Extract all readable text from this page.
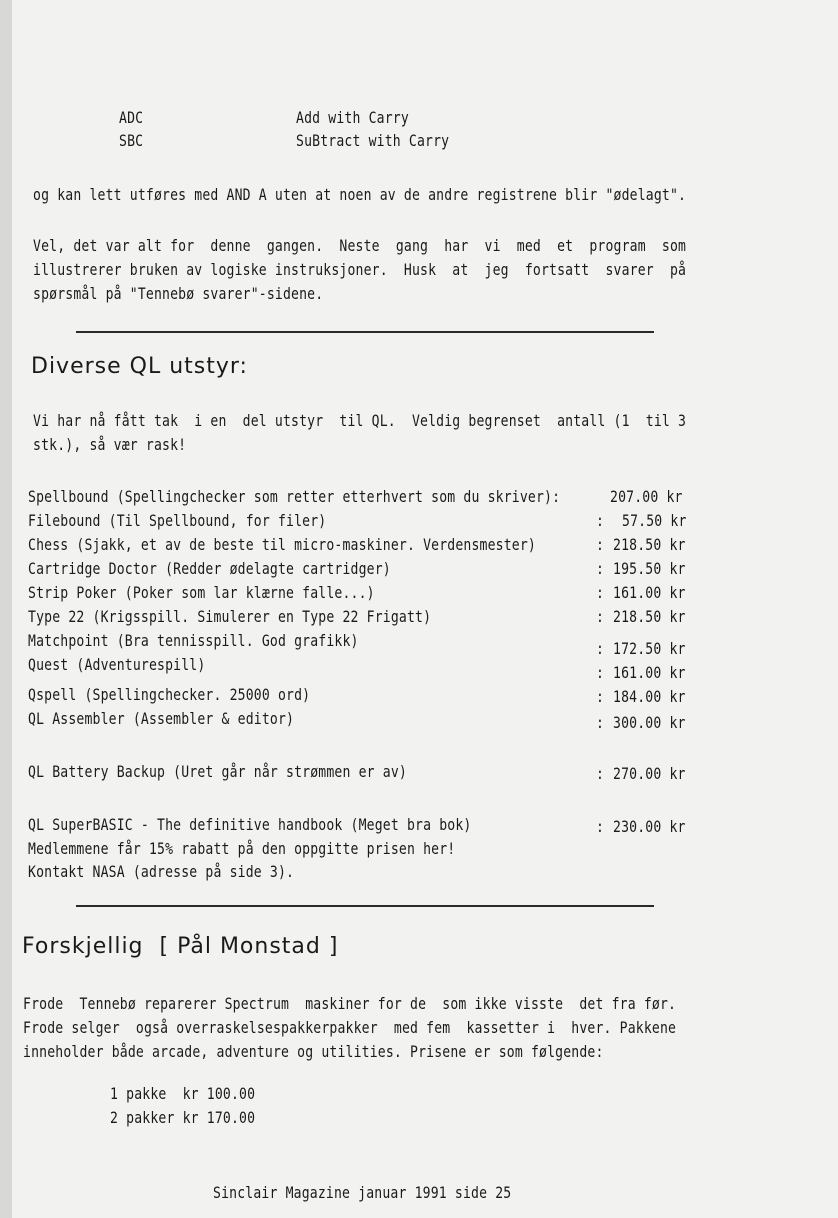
ADC	Add with Carry
SBC	SuBtract with Carry
og kan lett utføres med AND A uten at noen av de andre registrene blir "ødelagt".
Vel, det var alt for  denne  gangen.  Neste  gang  har  vi  med  et  program  som
illustrerer bruken av logiske instruksjoner.  Husk  at  jeg  fortsatt  svarer  på
spørsmål på "Tennebø svarer"-sidene.
Diverse QL utstyr:
Vi har nå fått tak  i en  del utstyr  til QL.  Veldig begrenset  antall (1  til 3
stk.), så vær rask!
Spellbound (Spellingchecker som retter etterhvert som du skriver):	207.00 kr
Filebound (Til Spellbound, for filer)	: 57.50 kr
Chess (Sjakk, et av de beste til micro-maskiner. Verdensmester)	: 218.50 kr
Cartridge Doctor (Redder ødelagte cartridger)	: 195.50 kr
Strip Poker (Poker som lar klærne falle...)	: 161.00 kr
Type 22 (Krigsspill. Simulerer en Type 22 Frigatt)	: 218.50 kr
Matchpoint (Bra tennisspill. God grafikk)	: 172.50 kr
Quest (Adventurespill)	: 161.00 kr
Qspell (Spellingchecker. 25000 ord)	: 184.00 kr
QL Assembler (Assembler & editor)	: 300.00 kr
QL Battery Backup (Uret går når strømmen er av)	: 270.00 kr
QL SuperBASIC - The definitive handbook (Meget bra bok)	: 230.00 kr
Medlemmene får 15% rabatt på den oppgitte prisen her!
Kontakt NASA (adresse på side 3).
Forskjellig  [ Pål Monstad ]
Frode  Tennebø reparerer Spectrum  maskiner for de  som ikke visste  det fra før.
Frode selger  også overraskelsespakkerpakker  med fem  kassetter i  hver. Pakkene
inneholder både arcade, adventure og utilities. Prisene er som følgende:
1 pakke  kr 100.00
2 pakker kr 170.00
Sinclair Magazine januar 1991 side 25
